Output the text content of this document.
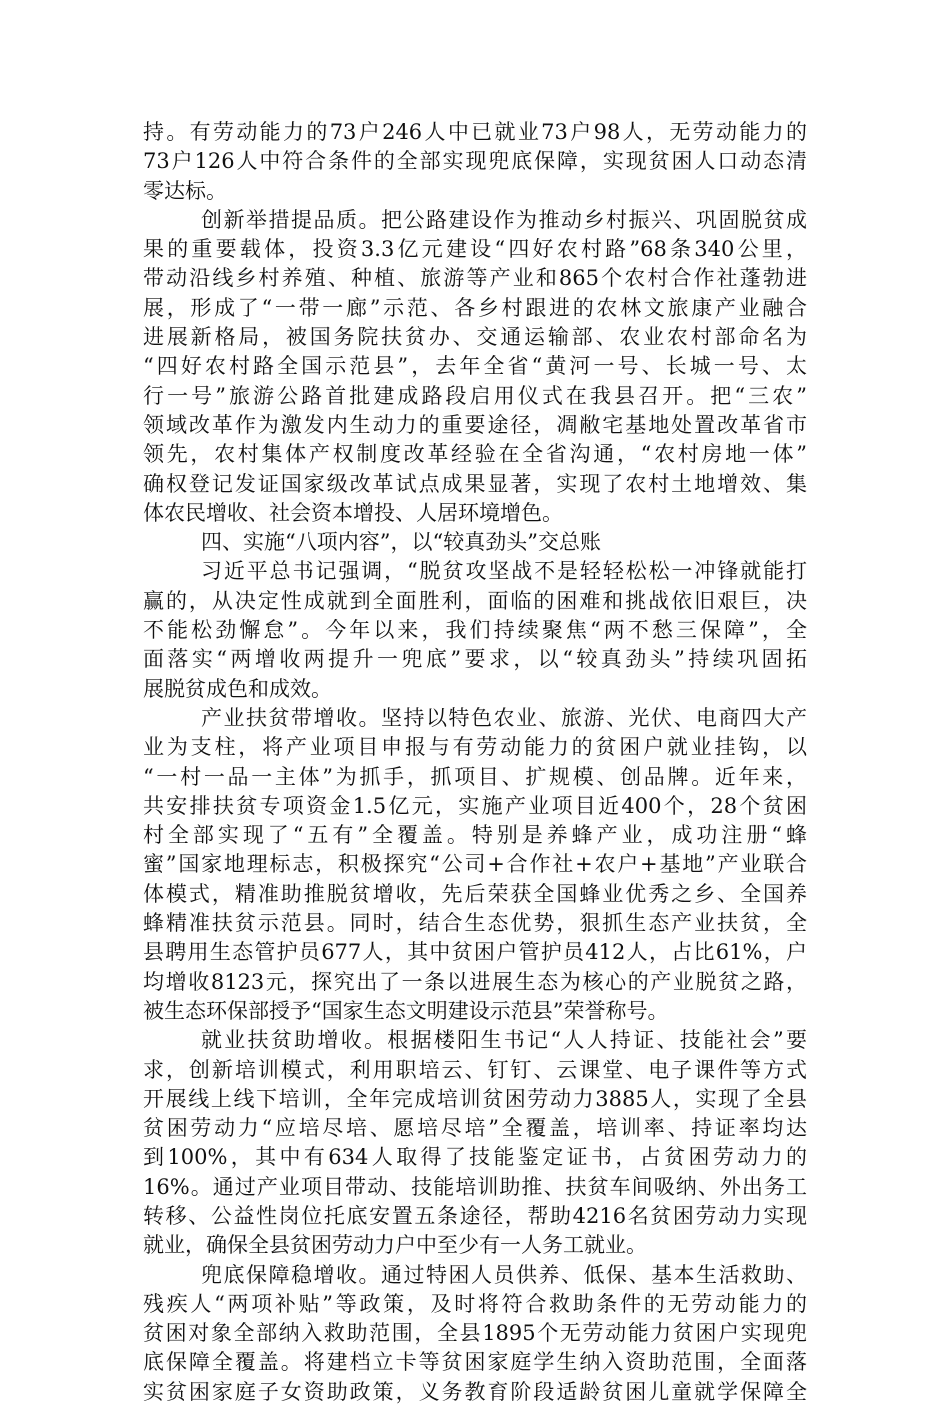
持。有劳动能力的73户246人中已就业73户98人，无劳动能力的
73户126人中符合条件的全部实现兜底保障，实现贫困人口动态清
零达标。
创新举措提品质。把公路建设作为推动乡村振兴、巩固脱贫成
果的重要载体，投资3.3亿元建设“四好农村路”68条340公里，
带动沿线乡村养殖、种植、旅游等产业和865个农村合作社蓬勃进
展，形成了“一带一廊”示范、各乡村跟进的农林文旅康产业融合
进展新格局，被国务院扶贫办、交通运输部、农业农村部命名为
“四好农村路全国示范县”，去年全省“黄河一号、长城一号、太
行一号”旅游公路首批建成路段启用仪式在我县召开。把“三农”
领域改革作为激发内生动力的重要途径，凋敝宅基地处置改革省市
领先，农村集体产权制度改革经验在全省沟通，“农村房地一体”
确权登记发证国家级改革试点成果显著，实现了农村土地增效、集
体农民增收、社会资本增投、人居环境增色。
四、实施“八项内容”，以“较真劲头”交总账
习近平总书记强调，“脱贫攻坚战不是轻轻松松一冲锋就能打
赢的，从决定性成就到全面胜利，面临的困难和挑战依旧艰巨，决
不能松劲懈怠”。今年以来，我们持续聚焦“两不愁三保障”，全
面落实“两增收两提升一兜底”要求，以“较真劲头”持续巩固拓
展脱贫成色和成效。
产业扶贫带增收。坚持以特色农业、旅游、光伏、电商四大产
业为支柱，将产业项目申报与有劳动能力的贫困户就业挂钩，以
“一村一品一主体”为抓手，抓项目、扩规模、创品牌。近年来，
共安排扶贫专项资金1.5亿元，实施产业项目近400个，28个贫困
村全部实现了“五有”全覆盖。特别是养蜂产业，成功注册“蜂
蜜”国家地理标志，积极探究“公司+合作社+农户+基地”产业联合
体模式，精准助推脱贫增收，先后荣获全国蜂业优秀之乡、全国养
蜂精准扶贫示范县。同时，结合生态优势，狠抓生态产业扶贫，全
县聘用生态管护员677人，其中贫困户管护员412人，占比61%，户
均增收8123元，探究出了一条以进展生态为核心的产业脱贫之路，
被生态环保部授予“国家生态文明建设示范县”荣誉称号。
就业扶贫助增收。根据楼阳生书记“人人持证、技能社会”要
求，创新培训模式，利用职培云、钉钉、云课堂、电子课件等方式
开展线上线下培训，全年完成培训贫困劳动力3885人，实现了全县
贫困劳动力“应培尽培、愿培尽培”全覆盖，培训率、持证率均达
到100%，其中有634人取得了技能鉴定证书，占贫困劳动力的
16%。通过产业项目带动、技能培训助推、扶贫车间吸纳、外出务工
转移、公益性岗位托底安置五条途径，帮助4216名贫困劳动力实现
就业，确保全县贫困劳动力户中至少有一人务工就业。
兜底保障稳增收。通过特困人员供养、低保、基本生活救助、
残疾人“两项补贴”等政策，及时将符合救助条件的无劳动能力的
贫困对象全部纳入救助范围，全县1895个无劳动能力贫困户实现兜
底保障全覆盖。将建档立卡等贫困家庭学生纳入资助范围，全面落
实贫困家庭子女资助政策，义务教育阶段适龄贫困儿童就学保障全
